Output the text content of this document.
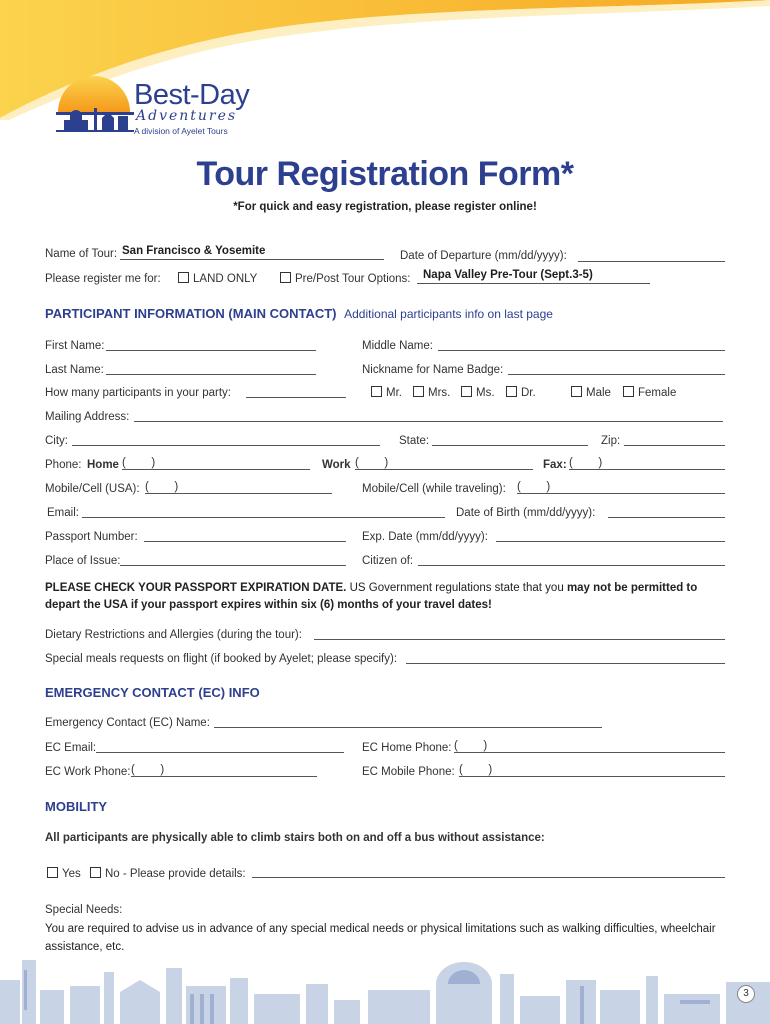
Best-Day
Adventures
A division of Ayelet Tours
Tour Registration Form*
*For quick and easy registration, please register online!
Name of Tour: San Francisco & Yosemite	Date of Departure (mm/dd/yyyy):
Please register me for:	LAND ONLY	Pre/Post Tour Options: Napa Valley Pre-Tour (Sept.3-5)
PARTICIPANT INFORMATION (MAIN CONTACT) Additional participants info on last page
First Name:	Middle Name:
Last Name:	Nickname for Name Badge:
How many participants in your party:	Mr.	Mrs.	Ms.	Dr.	Male	Female
Mailing Address:
City:	State:	Zip:
Phone: Home (        )	Work (        )	Fax: (        )
Mobile/Cell (USA): (        )	Mobile/Cell (while traveling): (        )
Email:	Date of Birth (mm/dd/yyyy):
Passport Number:	Exp. Date (mm/dd/yyyy):
Place of Issue:	Citizen of:
PLEASE CHECK YOUR PASSPORT EXPIRATION DATE. US Government regulations state that you may not be permitted to
depart the USA if your passport expires within six (6) months of your travel dates!
Dietary Restrictions and Allergies (during the tour):
Special meals requests on flight (if booked by Ayelet; please specify):
EMERGENCY CONTACT (EC) INFO
Emergency Contact (EC) Name:
EC Email:	EC Home Phone: (        )
EC Work Phone: (        )	EC Mobile Phone: (        )
MOBILITY
All participants are physically able to climb stairs both on and off a bus without assistance:
Yes	No - Please provide details:
Special Needs:
You are required to advise us in advance of any special medical needs or physical limitations such as walking difficulties, wheelchair
assistance, etc.
3
